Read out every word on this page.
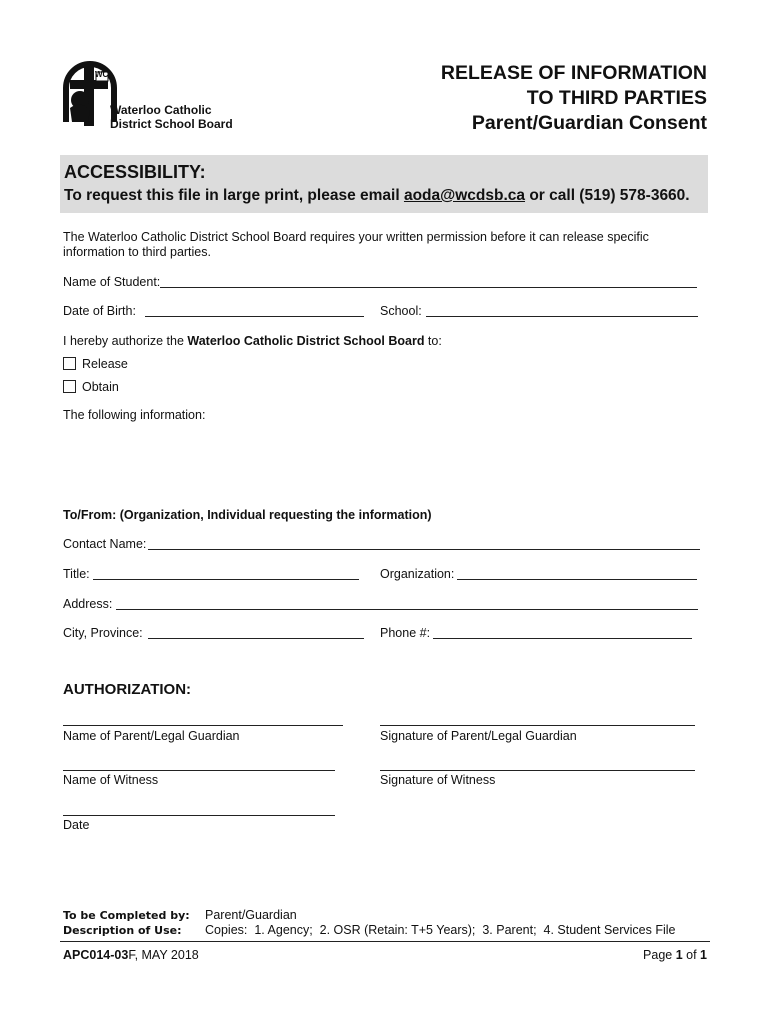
WC
Waterloo Catholic
District School Board
RELEASE OF INFORMATION
TO THIRD PARTIES
Parent/Guardian Consent
ACCESSIBILITY:
To request this file in large print, please email aoda@wcdsb.ca or call (519) 578-3660.
The Waterloo Catholic District School Board requires your written permission before it can release specific
information to third parties.
Name of Student:
Date of Birth:	School:
I hereby authorize the Waterloo Catholic District School Board to:
Release
Obtain
The following information:
To/From: (Organization, Individual requesting the information)
Contact Name:
Title:	Organization:
Address:
City, Province:	Phone #:
AUTHORIZATION:
Name of Parent/Legal Guardian	Signature of Parent/Legal Guardian
Name of Witness	Signature of Witness
Date
To be Completed by: Parent/Guardian
Description of Use: Copies:  1. Agency;  2. OSR (Retain: T+5 Years);  3. Parent;  4. Student Services File
APC014-03F, MAY 2018	Page 1 of 1
